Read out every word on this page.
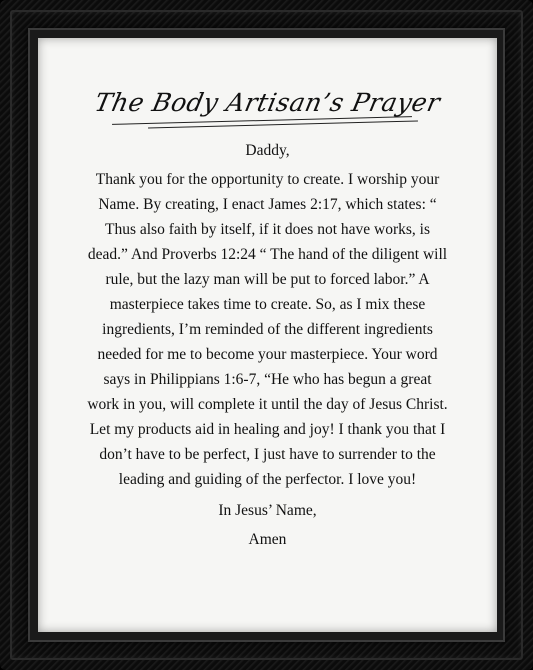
The Body Artisan’s Prayer

Daddy,

Thank you for the opportunity to create. I worship your Name. By creating, I enact James 2:17, which states: “ Thus also faith by itself, if it does not have works, is dead.” And Proverbs 12:24 “ The hand of the diligent will rule, but the lazy man will be put to forced labor.” A masterpiece takes time to create. So, as I mix these ingredients, I’m reminded of the different ingredients needed for me to become your masterpiece. Your word says in Philippians 1:6-7, “He who has begun a great work in you, will complete it until the day of Jesus Christ. Let my products aid in healing and joy! I thank you that I don’t have to be perfect, I just have to surrender to the leading and guiding of the perfector. I love you!

In Jesus’ Name,

Amen
